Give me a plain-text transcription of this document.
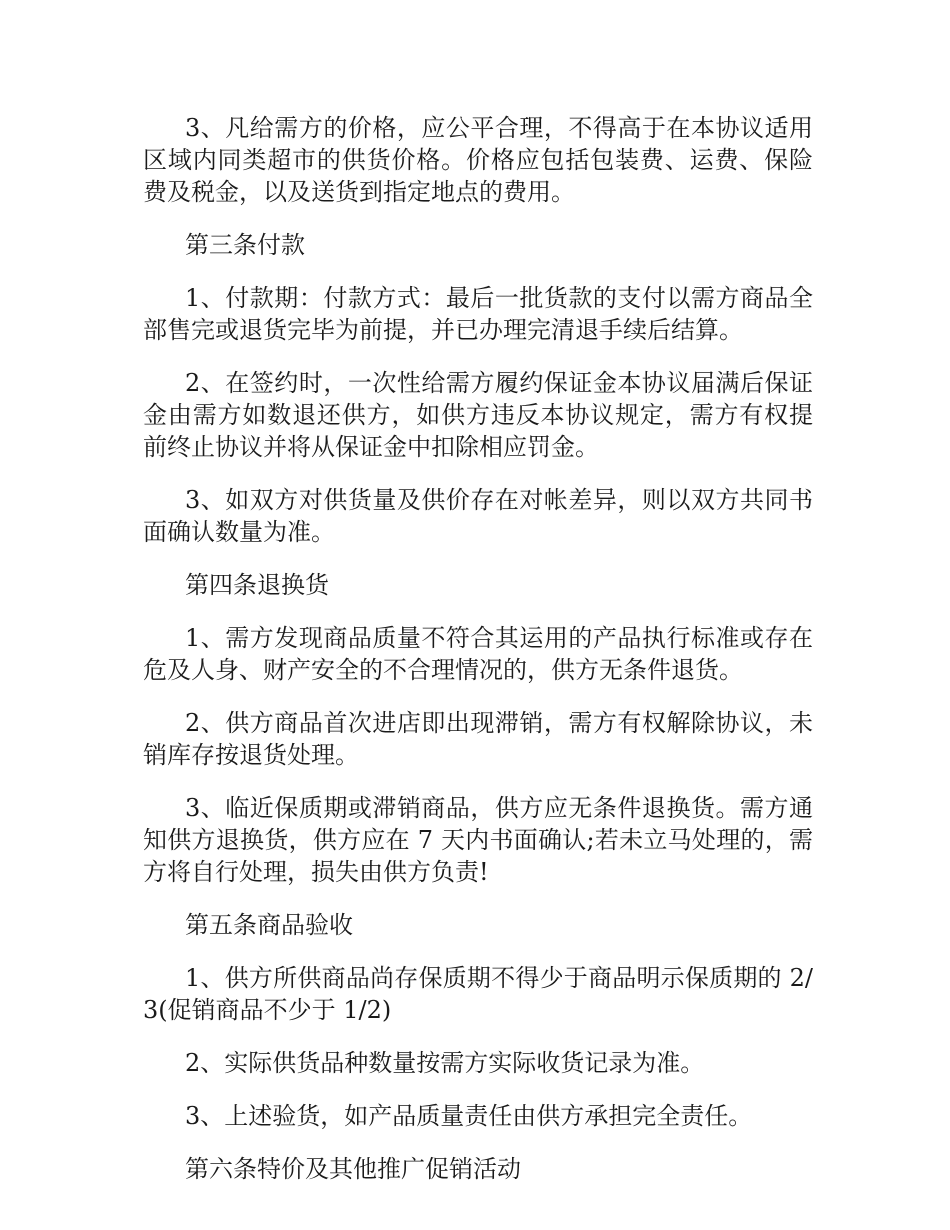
3、凡给需方的价格，应公平合理，不得高于在本协议适用区域内同类超市的供货价格。价格应包括包装费、运费、保险费及税金，以及送货到指定地点的费用。

第三条付款

1、付款期：付款方式：最后一批货款的支付以需方商品全部售完或退货完毕为前提，并已办理完清退手续后结算。

2、在签约时，一次性给需方履约保证金本协议届满后保证金由需方如数退还供方，如供方违反本协议规定，需方有权提前终止协议并将从保证金中扣除相应罚金。

3、如双方对供货量及供价存在对帐差异，则以双方共同书面确认数量为准。

第四条退换货

1、需方发现商品质量不符合其运用的产品执行标准或存在危及人身、财产安全的不合理情况的，供方无条件退货。

2、供方商品首次进店即出现滞销，需方有权解除协议，未销库存按退货处理。

3、临近保质期或滞销商品，供方应无条件退换货。需方通知供方退换货，供方应在 7 天内书面确认;若未立马处理的，需方将自行处理，损失由供方负责!

第五条商品验收

1、供方所供商品尚存保质期不得少于商品明示保质期的 2/3(促销商品不少于 1/2)

2、实际供货品种数量按需方实际收货记录为准。

3、上述验货，如产品质量责任由供方承担完全责任。

第六条特价及其他推广促销活动
